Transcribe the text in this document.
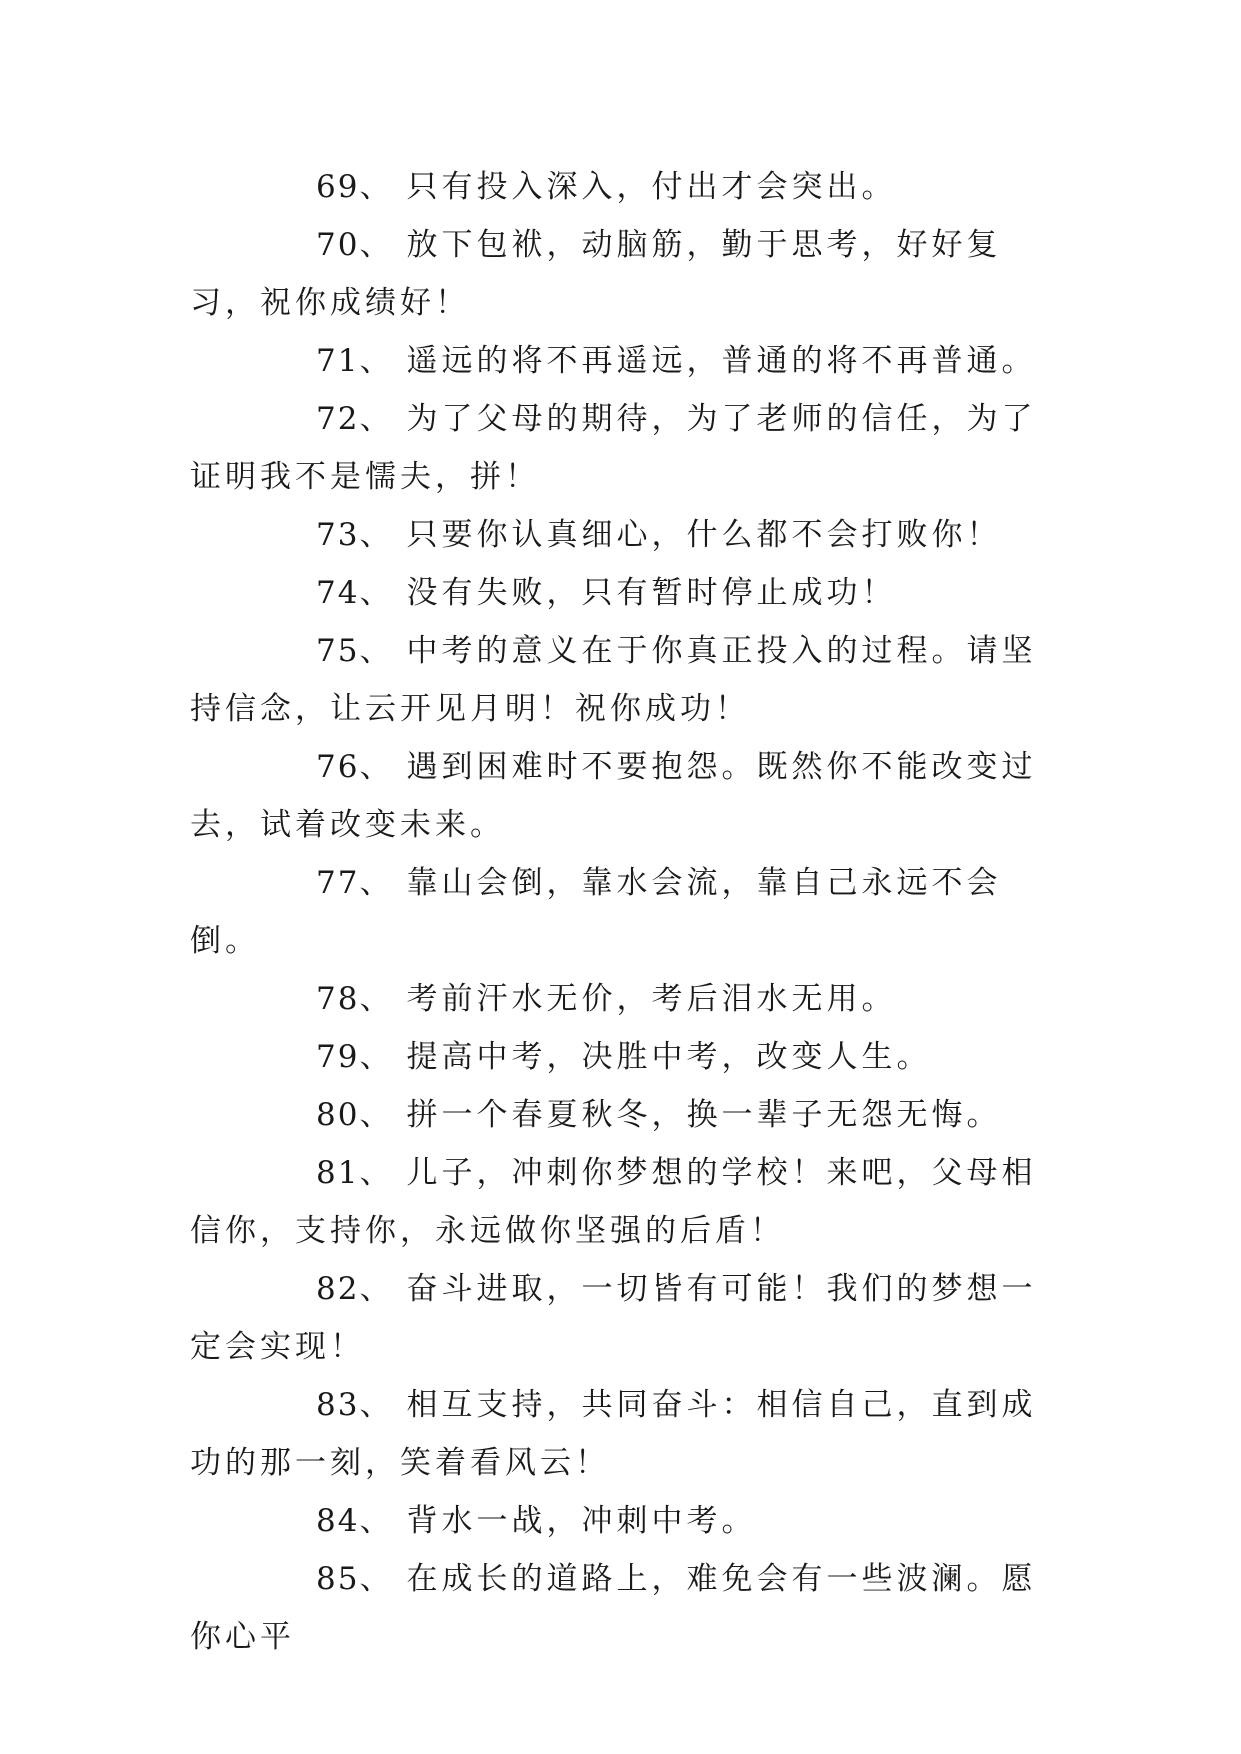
69、 只有投入深入，付出才会突出。

70、 放下包袱，动脑筋，勤于思考，好好复习，祝你成绩好！

71、 遥远的将不再遥远，普通的将不再普通。

72、 为了父母的期待，为了老师的信任，为了证明我不是懦夫，拼！

73、 只要你认真细心，什么都不会打败你！

74、 没有失败，只有暂时停止成功！

75、 中考的意义在于你真正投入的过程。请坚持信念，让云开见月明！祝你成功！

76、 遇到困难时不要抱怨。既然你不能改变过去，试着改变未来。

77、 靠山会倒，靠水会流，靠自己永远不会倒。

78、 考前汗水无价，考后泪水无用。

79、 提高中考，决胜中考，改变人生。

80、 拼一个春夏秋冬，换一辈子无怨无悔。

81、 儿子，冲刺你梦想的学校！来吧，父母相信你，支持你，永远做你坚强的后盾！

82、 奋斗进取，一切皆有可能！我们的梦想一定会实现！

83、 相互支持，共同奋斗：相信自己，直到成功的那一刻，笑着看风云！

84、 背水一战，冲刺中考。

85、 在成长的道路上，难免会有一些波澜。愿你心平
